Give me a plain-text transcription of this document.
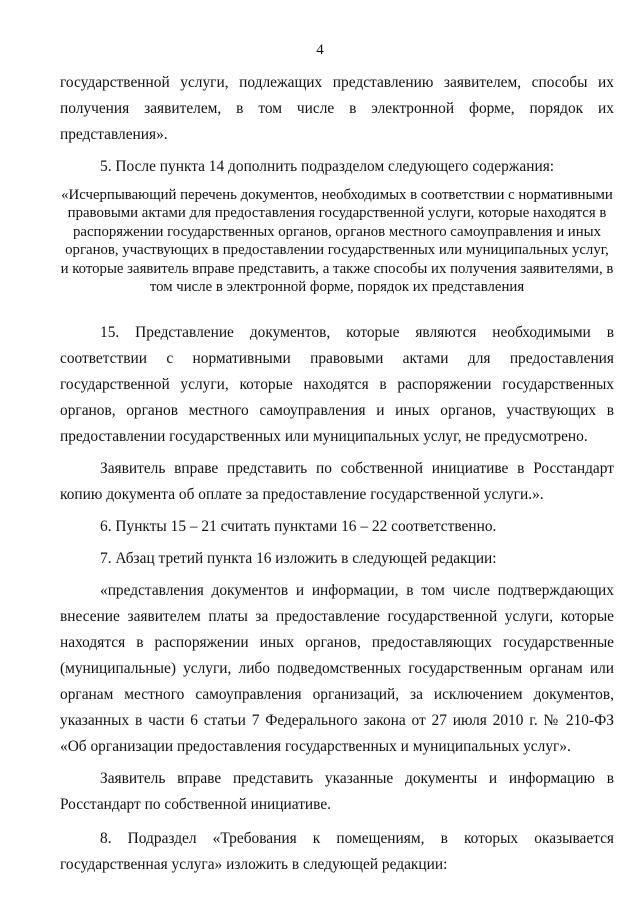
4

государственной услуги, подлежащих представлению заявителем, способы их получения заявителем, в том числе в электронной форме, порядок их представления».

5. После пункта 14 дополнить подразделом следующего содержания:

«Исчерпывающий перечень документов, необходимых в соответствии с нормативными правовыми актами для предоставления государственной услуги, которые находятся в распоряжении государственных органов, органов местного самоуправления и иных органов, участвующих в предоставлении государственных или муниципальных услуг, и которые заявитель вправе представить, а также способы их получения заявителями, в том числе в электронной форме, порядок их представления

15. Представление документов, которые являются необходимыми в соответствии с нормативными правовыми актами для предоставления государственной услуги, которые находятся в распоряжении государственных органов, органов местного самоуправления и иных органов, участвующих в предоставлении государственных или муниципальных услуг, не предусмотрено.

Заявитель вправе представить по собственной инициативе в Росстандарт копию документа об оплате за предоставление государственной услуги.».

6. Пункты 15 – 21 считать пунктами 16 – 22 соответственно.

7. Абзац третий пункта 16 изложить в следующей редакции:

«представления документов и информации, в том числе подтверждающих внесение заявителем платы за предоставление государственной услуги, которые находятся в распоряжении иных органов, предоставляющих государственные (муниципальные) услуги, либо подведомственных государственным органам или органам местного самоуправления организаций, за исключением документов, указанных в части 6 статьи 7 Федерального закона от 27 июля 2010 г. № 210-ФЗ «Об организации предоставления государственных и муниципальных услуг».

Заявитель вправе представить указанные документы и информацию в Росстандарт по собственной инициативе.

8. Подраздел «Требования к помещениям, в которых оказывается государственная услуга» изложить в следующей редакции:
